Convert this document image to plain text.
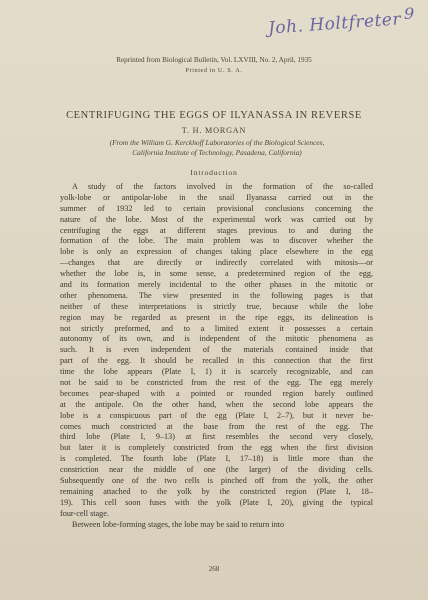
Joh. Holtfreter 9
Reprinted from Biological Bulletin, Vol. LXVIII, No. 2, April, 1935
Printed in U. S. A.
CENTRIFUGING THE EGGS OF ILYANASSA IN REVERSE
T. H. MORGAN
(From the William G. Kerckhoff Laboratories of the Biological Sciences,
California Institute of Technology, Pasadena, California)
Introduction
A study of the factors involved in the formation of the so-called
yolk-lobe or antipolar-lobe in the snail Ilyanassa carried out in the
summer of 1932 led to certain provisional conclusions concerning the
nature of the lobe. Most of the experimental work was carried out by
centrifuging the eggs at different stages previous to and during the
formation of the lobe. The main problem was to discover whether the
lobe is only an expression of changes taking place elsewhere in the egg
—changes that are directly or indirectly correlated with mitosis—or
whether the lobe is, in some sense, a predetermined region of the egg,
and its formation merely incidental to the other phases in the mitotic or
other phenomena. The view presented in the following pages is that
neither of these interpretations is strictly true, because while the lobe
region may be regarded as present in the ripe eggs, its delineation is
not strictly preformed, and to a limited extent it possesses a certain
autonomy of its own, and is independent of the mitotic phenomena as
such. It is even independent of the materials contained inside that
part of the egg. It should be recalled in this connection that the first
time the lobe appears (Plate I, 1) it is scarcely recognizable, and can
not be said to be constricted from the rest of the egg. The egg merely
becomes pear-shaped with a pointed or rounded region barely outlined
at the antipole. On the other hand, when the second lobe appears the
lobe is a conspicuous part of the egg (Plate I, 2–7), but it never be-
comes much constricted at the base from the rest of the egg. The
third lobe (Plate I, 9–13) at first resembles the second very closely,
but later it is completely constricted from the egg when the first division
is completed. The fourth lobe (Plate I, 17–18) is little more than the
constriction near the middle of one (the larger) of the dividing cells.
Subsequently one of the two cells is pinched off from the yolk, the other
remaining attached to the yolk by the constricted region (Plate I, 18–
19). This cell soon fuses with the yolk (Plate I, 20), giving the typical
four-cell stage.
Between lobe-forming stages, the lobe may be said to return into
268
